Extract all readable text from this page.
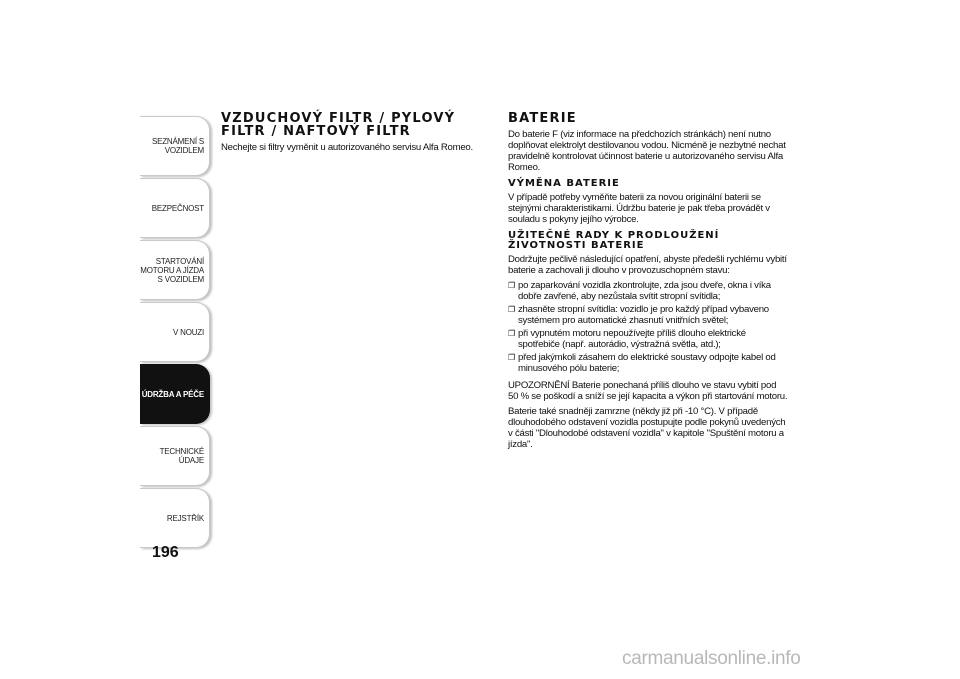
SEZNÁMENÍ S VOZIDLEM
BEZPEČNOST
STARTOVÁNÍ MOTORU A JÍZDA S VOZIDLEM
V NOUZI
ÚDRŽBA A PÉČE
TECHNICKÉ ÚDAJE
REJSTŘÍK
196
VZDUCHOVÝ FILTR / PYLOVÝ FILTR / NAFTOVÝ FILTR

Nechejte si filtry vyměnit u autorizovaného servisu Alfa Romeo.

BATERIE

Do baterie F (viz informace na předchozích stránkách) není nutno doplňovat elektrolyt destilovanou vodou. Nicméně je nezbytné nechat pravidelně kontrolovat účinnost baterie u autorizovaného servisu Alfa Romeo.

VÝMĚNA BATERIE

V případě potřeby vyměňte baterii za novou originální baterii se stejnými charakteristikami. Údržbu baterie je pak třeba provádět v souladu s pokyny jejího výrobce.

UŽITEČNÉ RADY K PRODLOUŽENÍ ŽIVOTNOSTI BATERIE

Dodržujte pečlivě následující opatření, abyste předešli rychlému vybití baterie a zachovali ji dlouho v provozuschopném stavu:

❐ po zaparkování vozidla zkontrolujte, zda jsou dveře, okna i víka dobře zavřené, aby nezůstala svítit stropní svítidla;
❐ zhasněte stropní svítidla: vozidlo je pro každý případ vybaveno systémem pro automatické zhasnutí vnitřních světel;
❐ při vypnutém motoru nepoužívejte příliš dlouho elektrické spotřebiče (např. autorádio, výstražná světla, atd.);
❐ před jakýmkoli zásahem do elektrické soustavy odpojte kabel od minusového pólu baterie;

UPOZORNĚNÍ Baterie ponechaná příliš dlouho ve stavu vybití pod 50 % se poškodí a sníží se její kapacita a výkon při startování motoru.

Baterie také snadněji zamrzne (někdy již při -10 °C). V případě dlouhodobého odstavení vozidla postupujte podle pokynů uvedených v části "Dlouhodobé odstavení vozidla" v kapitole "Spuštění motoru a jízda".

carmanualsonline.info
